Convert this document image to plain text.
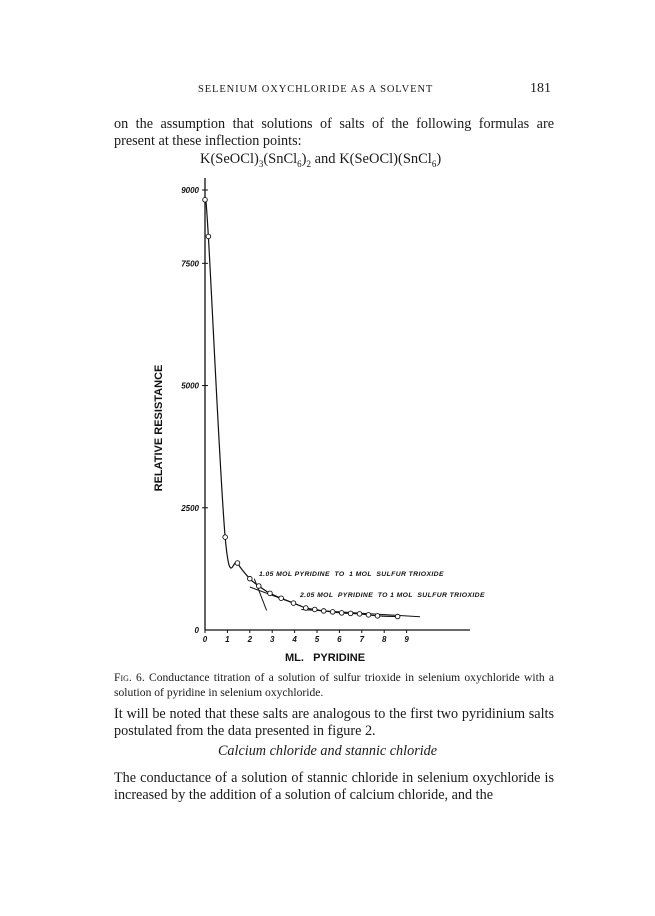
SELENIUM OXYCHLORIDE AS A SOLVENT	181

on the assumption that solutions of salts of the following formulas are present at these inflection points:

$K(SeOCl)_3(SnCl_6)_2$ and K(SeOCl)(SnCl$_6$)
0
2500
5000
7500
9000
0 1 2 3 4 5 6 7 8 9
RELATIVE RESISTANCE
ML.   PYRIDINE
1.05 MOL PYRIDINE  TO  1 MOL  SULFUR TRIOXIDE
2.05 MOL  PYRIDINE  TO 1 MOL  SULFUR TRIOXIDE

Fig. 6. Conductance titration of a solution of sulfur trioxide in selenium oxychloride with a solution of pyridine in selenium oxychloride.

It will be noted that these salts are analogous to the first two pyridinium salts postulated from the data presented in figure 2.

Calcium chloride and stannic chloride

The conductance of a solution of stannic chloride in selenium oxychloride is increased by the addition of a solution of calcium chloride, and the
